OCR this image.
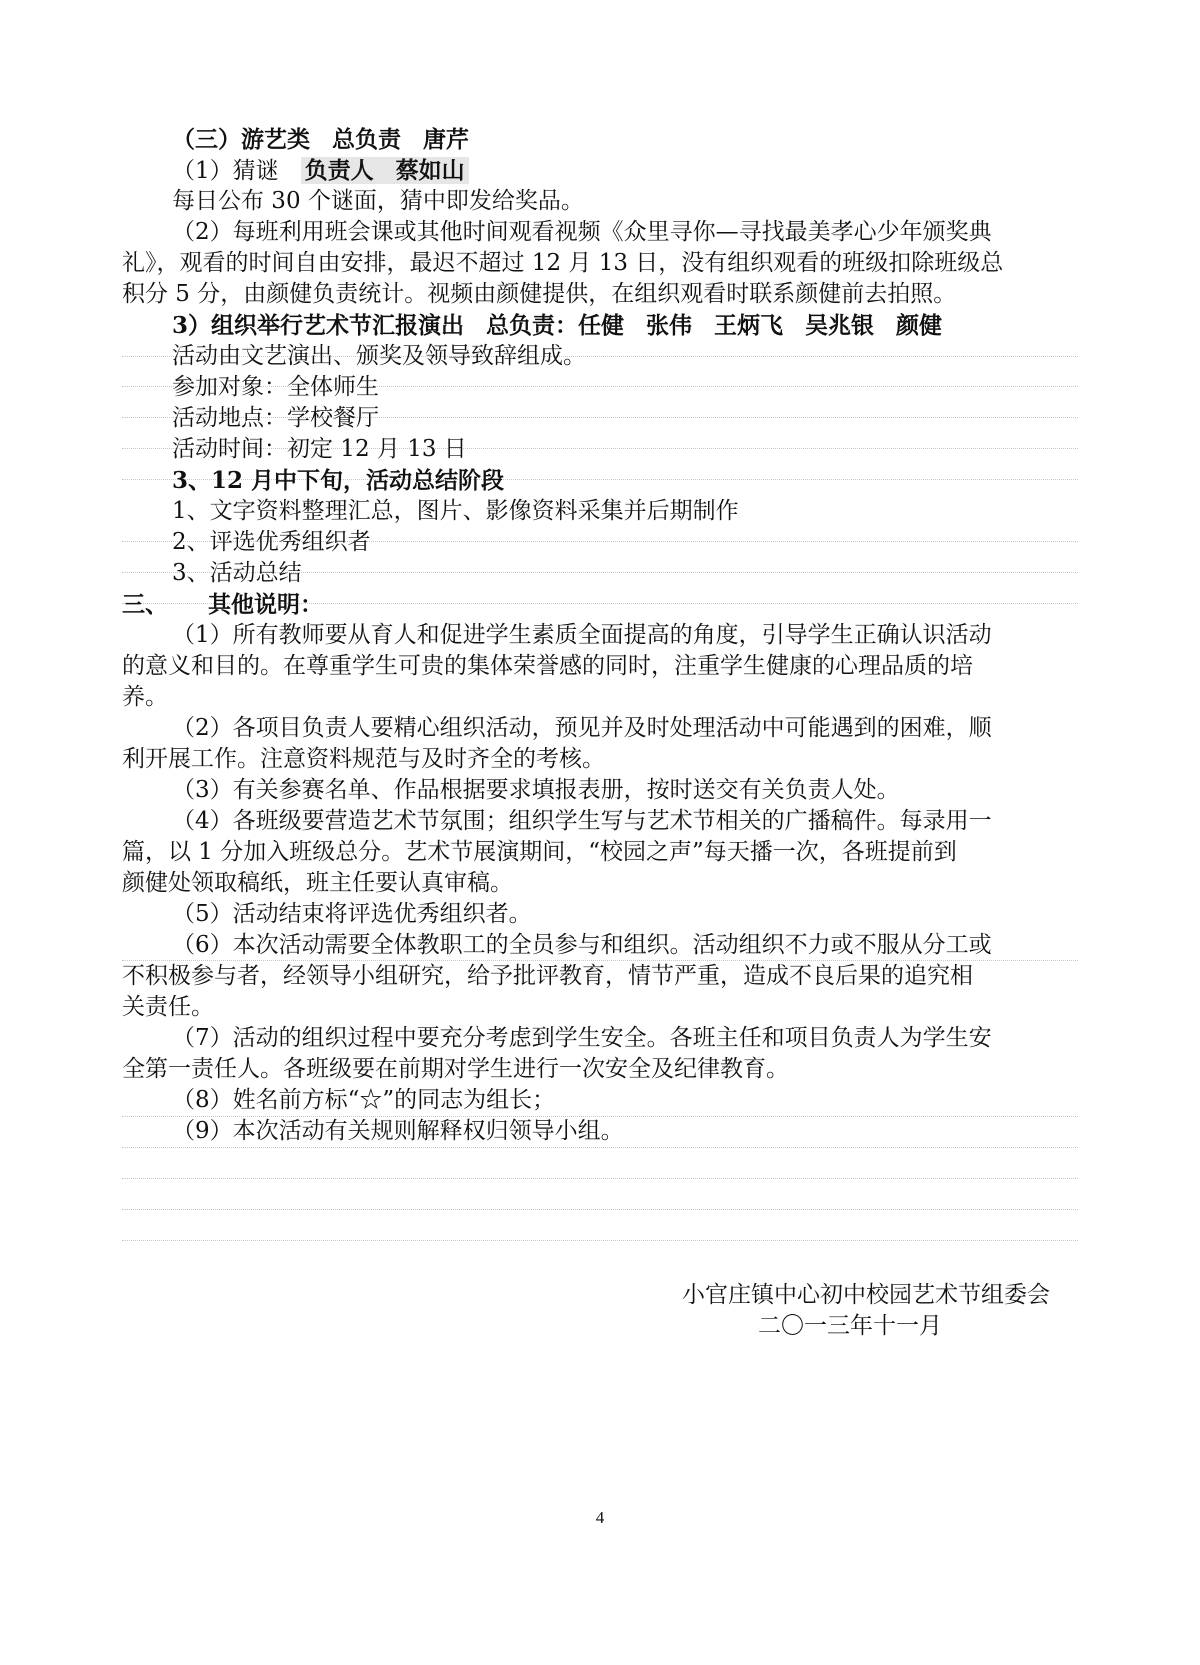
（三）游艺类 总负责 唐芹
（1）猜谜 负责人 蔡如山
每日公布 30 个谜面，猜中即发给奖品。
（2）每班利用班会课或其他时间观看视频《众里寻你—寻找最美孝心少年颁奖典
礼》，观看的时间自由安排，最迟不超过 12 月 13 日，没有组织观看的班级扣除班级总
积分 5 分，由颜健负责统计。视频由颜健提供，在组织观看时联系颜健前去拍照。
3）组织举行艺术节汇报演出 总负责：任健 张伟 王炳飞 吴兆银 颜健
活动由文艺演出、颁奖及领导致辞组成。
参加对象：全体师生
活动地点：学校餐厅
活动时间：初定 12 月 13 日
3、12 月中下旬，活动总结阶段
1、文字资料整理汇总，图片、影像资料采集并后期制作
2、评选优秀组织者
3、活动总结
三、 其他说明：
（1）所有教师要从育人和促进学生素质全面提高的角度，引导学生正确认识活动
的意义和目的。在尊重学生可贵的集体荣誉感的同时，注重学生健康的心理品质的培
养。
（2）各项目负责人要精心组织活动，预见并及时处理活动中可能遇到的困难，顺
利开展工作。注意资料规范与及时齐全的考核。
（3）有关参赛名单、作品根据要求填报表册，按时送交有关负责人处。
（4）各班级要营造艺术节氛围；组织学生写与艺术节相关的广播稿件。每录用一
篇，以 1 分加入班级总分。艺术节展演期间，“校园之声”每天播一次，各班提前到
颜健处领取稿纸，班主任要认真审稿。
（5）活动结束将评选优秀组织者。
（6）本次活动需要全体教职工的全员参与和组织。活动组织不力或不服从分工或
不积极参与者，经领导小组研究，给予批评教育，情节严重，造成不良后果的追究相
关责任。
（7）活动的组织过程中要充分考虑到学生安全。各班主任和项目负责人为学生安
全第一责任人。各班级要在前期对学生进行一次安全及纪律教育。
（8）姓名前方标“☆”的同志为组长；
（9）本次活动有关规则解释权归领导小组。
小官庄镇中心初中校园艺术节组委会
二〇一三年十一月
4
